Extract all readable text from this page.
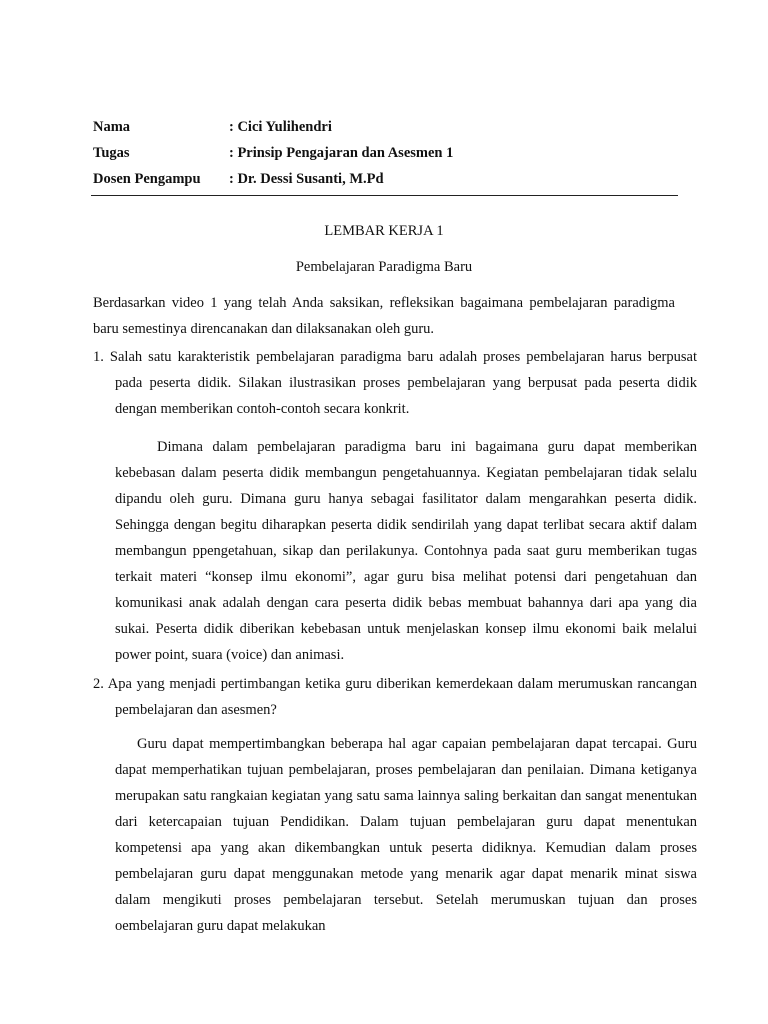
Nama	: Cici Yulihendri
Tugas	: Prinsip Pengajaran dan Asesmen 1
Dosen Pengampu	: Dr. Dessi Susanti, M.Pd
LEMBAR KERJA 1
Pembelajaran Paradigma Baru

Berdasarkan video 1 yang telah Anda saksikan, refleksikan bagaimana pembelajaran paradigma baru semestinya direncanakan dan dilaksanakan oleh guru.

1. Salah satu karakteristik pembelajaran paradigma baru adalah proses pembelajaran harus berpusat pada peserta didik. Silakan ilustrasikan proses pembelajaran yang berpusat pada peserta didik dengan memberikan contoh-contoh secara konkrit.

Dimana dalam pembelajaran paradigma baru ini bagaimana guru dapat memberikan kebebasan dalam peserta didik membangun pengetahuannya. Kegiatan pembelajaran tidak selalu dipandu oleh guru. Dimana guru hanya sebagai fasilitator dalam mengarahkan peserta didik. Sehingga dengan begitu diharapkan peserta didik sendirilah yang dapat terlibat secara aktif dalam membangun ppengetahuan, sikap dan perilakunya. Contohnya pada saat guru memberikan tugas terkait materi “konsep ilmu ekonomi”, agar guru bisa melihat potensi dari pengetahuan dan komunikasi anak adalah dengan cara peserta didik bebas membuat bahannya dari apa yang dia sukai. Peserta didik diberikan kebebasan untuk menjelaskan konsep ilmu ekonomi baik melalui power point, suara (voice) dan animasi.

2. Apa yang menjadi pertimbangan ketika guru diberikan kemerdekaan dalam merumuskan rancangan pembelajaran dan asesmen?

Guru dapat mempertimbangkan beberapa hal agar capaian pembelajaran dapat tercapai. Guru dapat memperhatikan tujuan pembelajaran, proses pembelajaran dan penilaian. Dimana ketiganya merupakan satu rangkaian kegiatan yang satu sama lainnya saling berkaitan dan sangat menentukan dari ketercapaian tujuan Pendidikan. Dalam tujuan pembelajaran guru dapat menentukan kompetensi apa yang akan dikembangkan untuk peserta didiknya. Kemudian dalam proses pembelajaran guru dapat menggunakan metode yang menarik agar dapat menarik minat siswa dalam mengikuti proses pembelajaran tersebut. Setelah merumuskan tujuan dan proses oembelajaran guru dapat melakukan
